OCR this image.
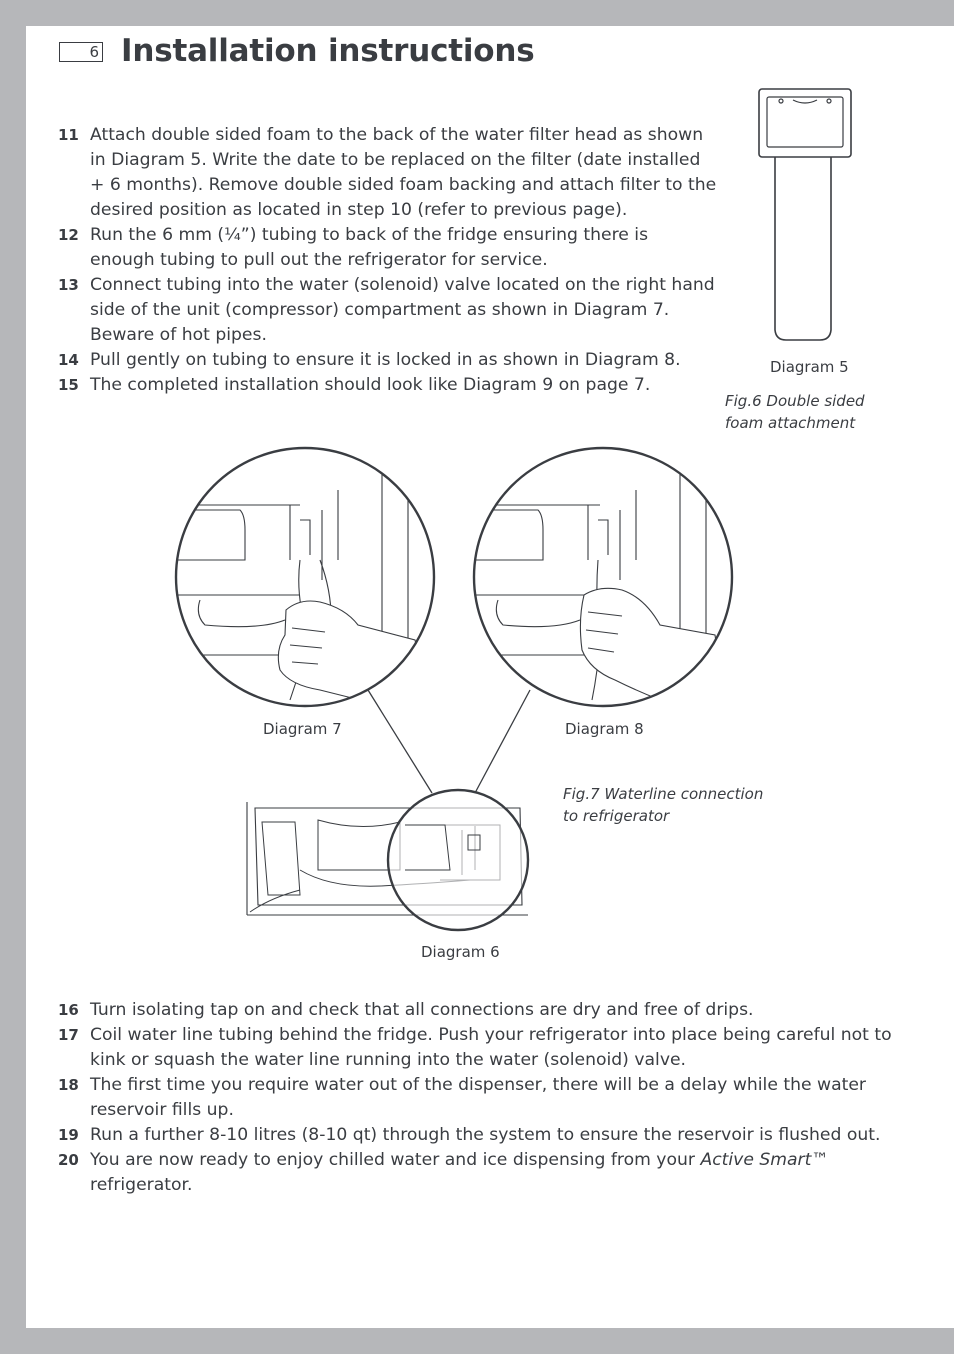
6 Installation instructions
11 Attach double sided foam to the back of the water filter head as shown in Diagram 5. Write the date to be replaced on the filter (date installed + 6 months). Remove double sided foam backing and attach filter to the desired position as located in step 10 (refer to previous page).
12 Run the 6 mm (¼”) tubing to back of the fridge ensuring there is enough tubing to pull out the refrigerator for service.
13 Connect tubing into the water (solenoid) valve located on the right hand side of the unit (compressor) compartment as shown in Diagram 7. Beware of hot pipes.
14 Pull gently on tubing to ensure it is locked in as shown in Diagram 8.
15 The completed installation should look like Diagram 9 on page 7.
Diagram 5
Fig.6 Double sided
foam attachment
Diagram 7	Diagram 8
Fig.7 Waterline connection
to refrigerator
Diagram 6
16 Turn isolating tap on and check that all connections are dry and free of drips.
17 Coil water line tubing behind the fridge. Push your refrigerator into place being careful not to kink or squash the water line running into the water (solenoid) valve.
18 The first time you require water out of the dispenser, there will be a delay while the water reservoir fills up.
19 Run a further 8-10 litres (8-10 qt) through the system to ensure the reservoir is flushed out.
20 You are now ready to enjoy chilled water and ice dispensing from your Active Smart™ refrigerator.
